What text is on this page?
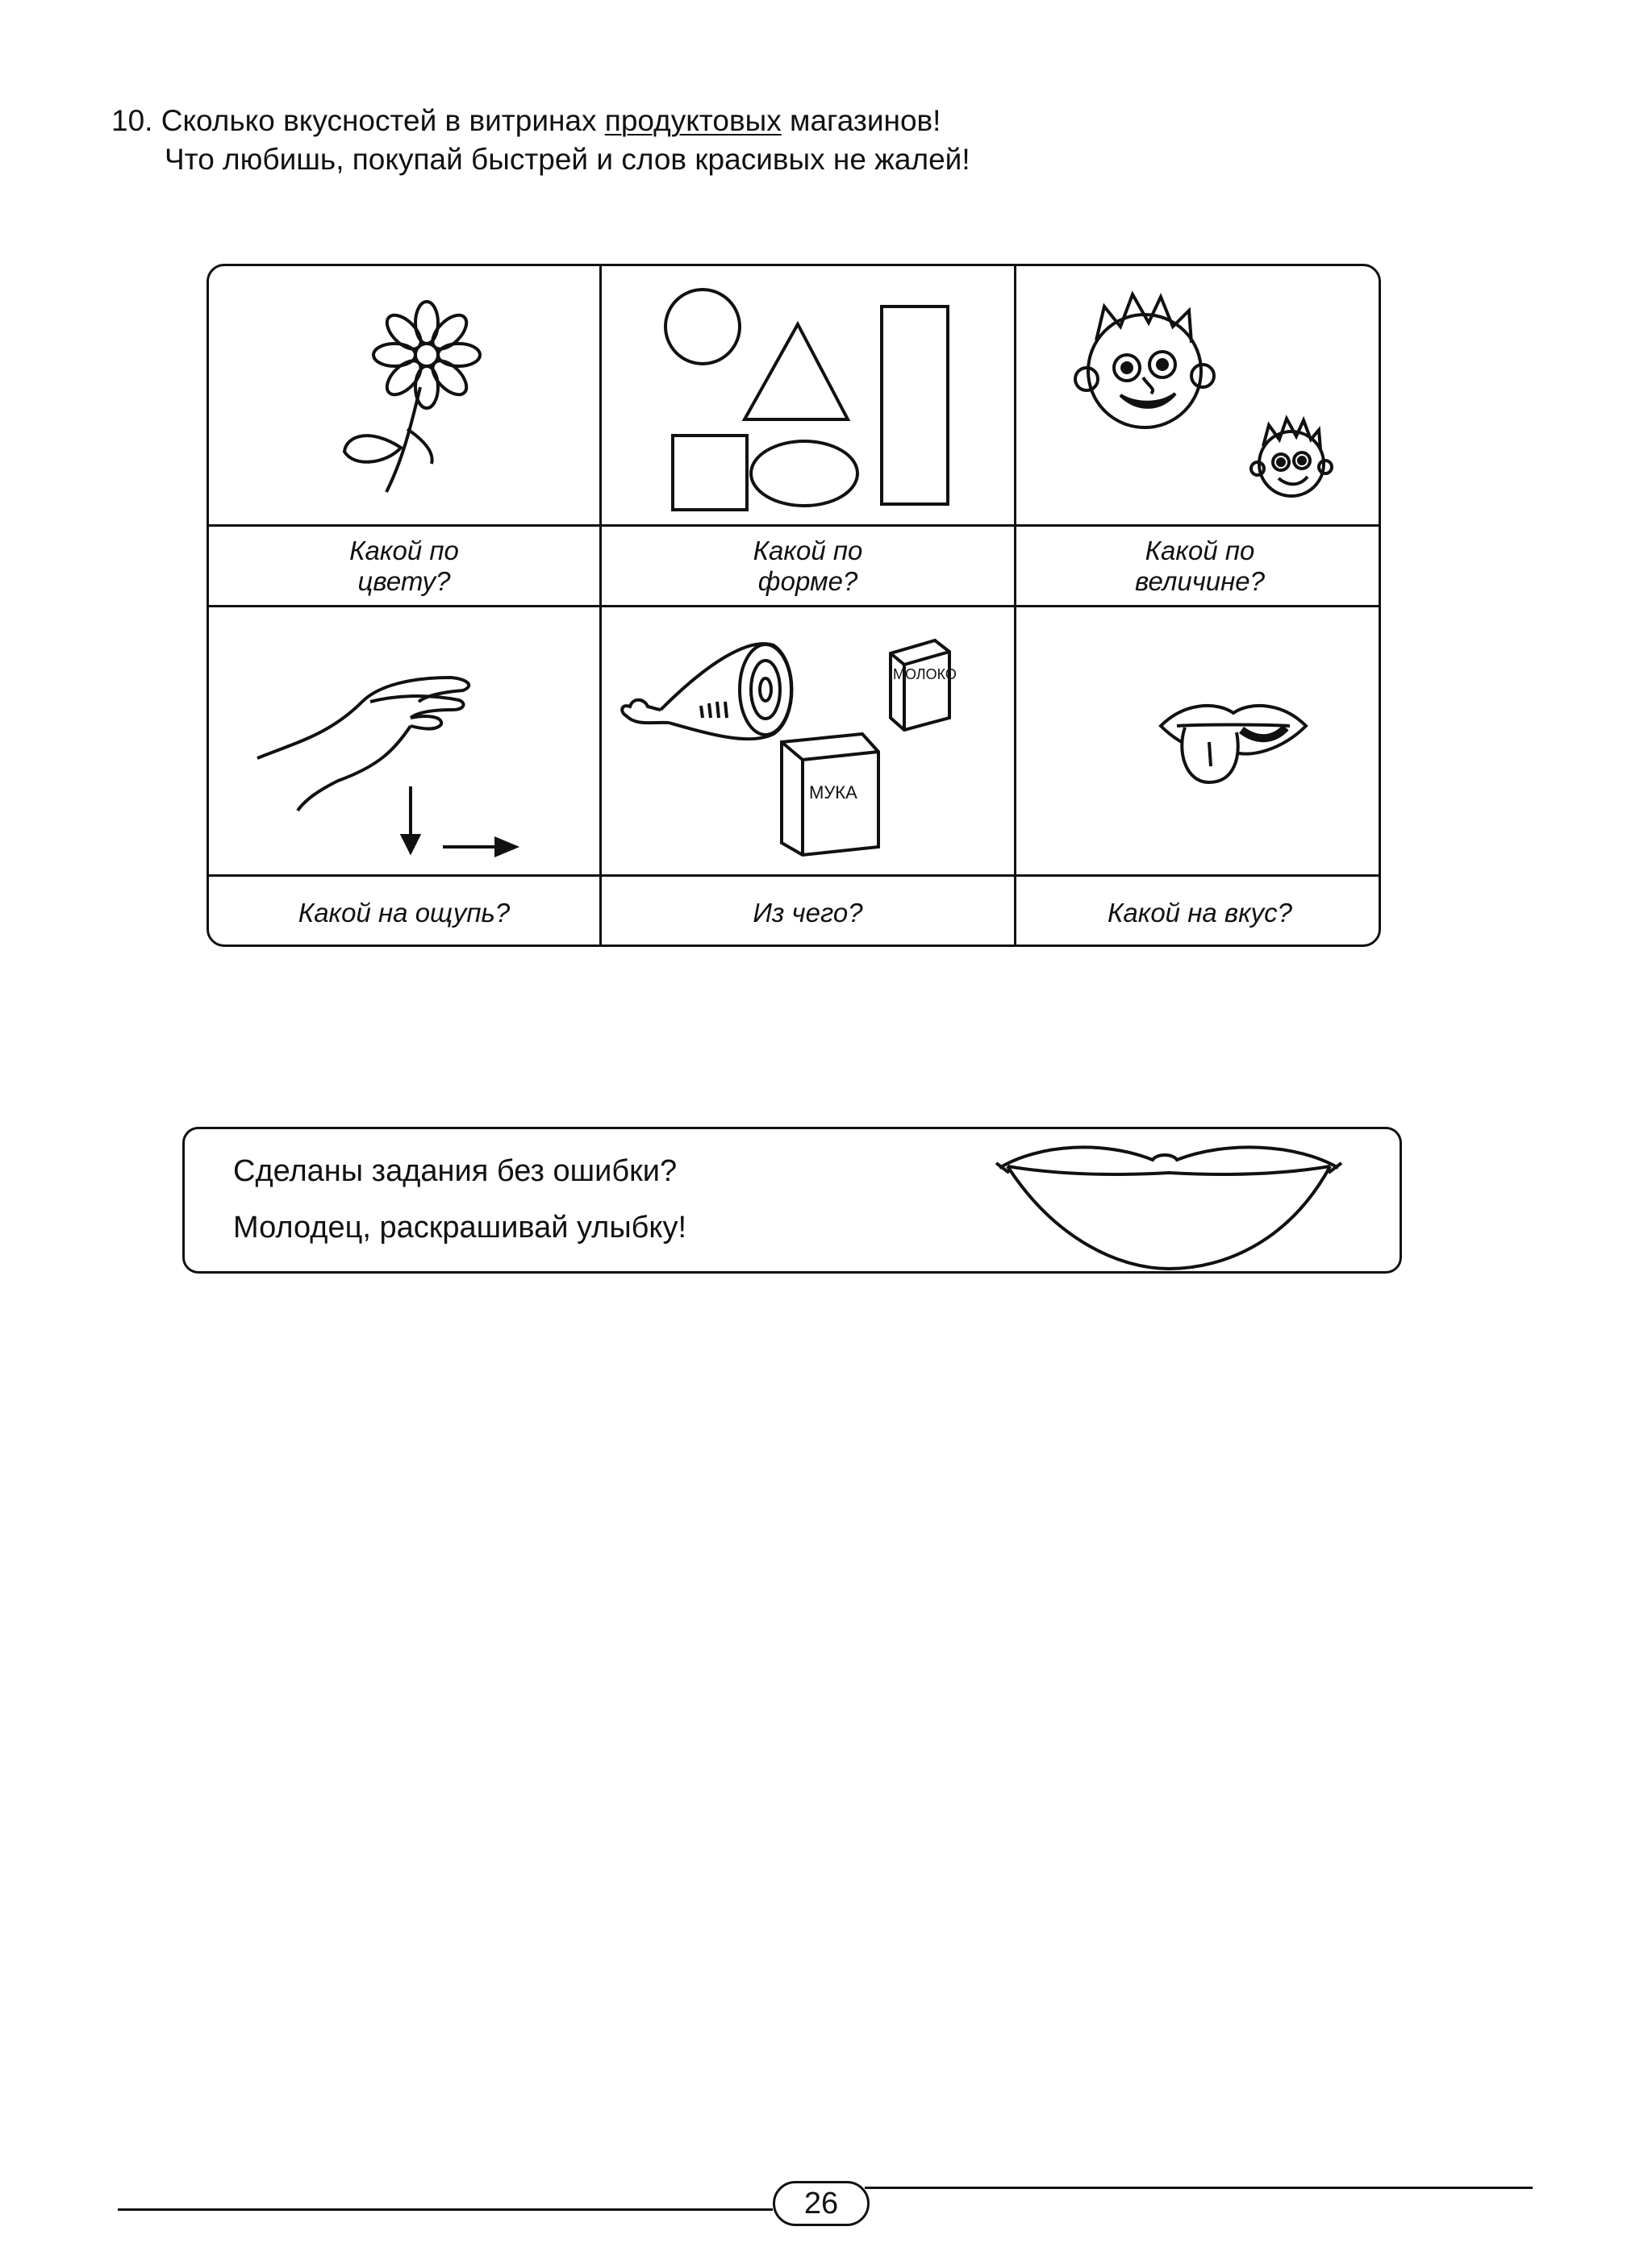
10. Сколько вкусностей в витринах продуктовых магазинов!
Что любишь, покупай быстрей и слов красивых не жалей!
Какой по
цвету?
Какой по
форме?
Какой по
величине?
МОЛОКО
МУКА
Какой на ощупь?	Из чего?	Какой на вкус?
Сделаны задания без ошибки?
Молодец, раскрашивай улыбку!
26
